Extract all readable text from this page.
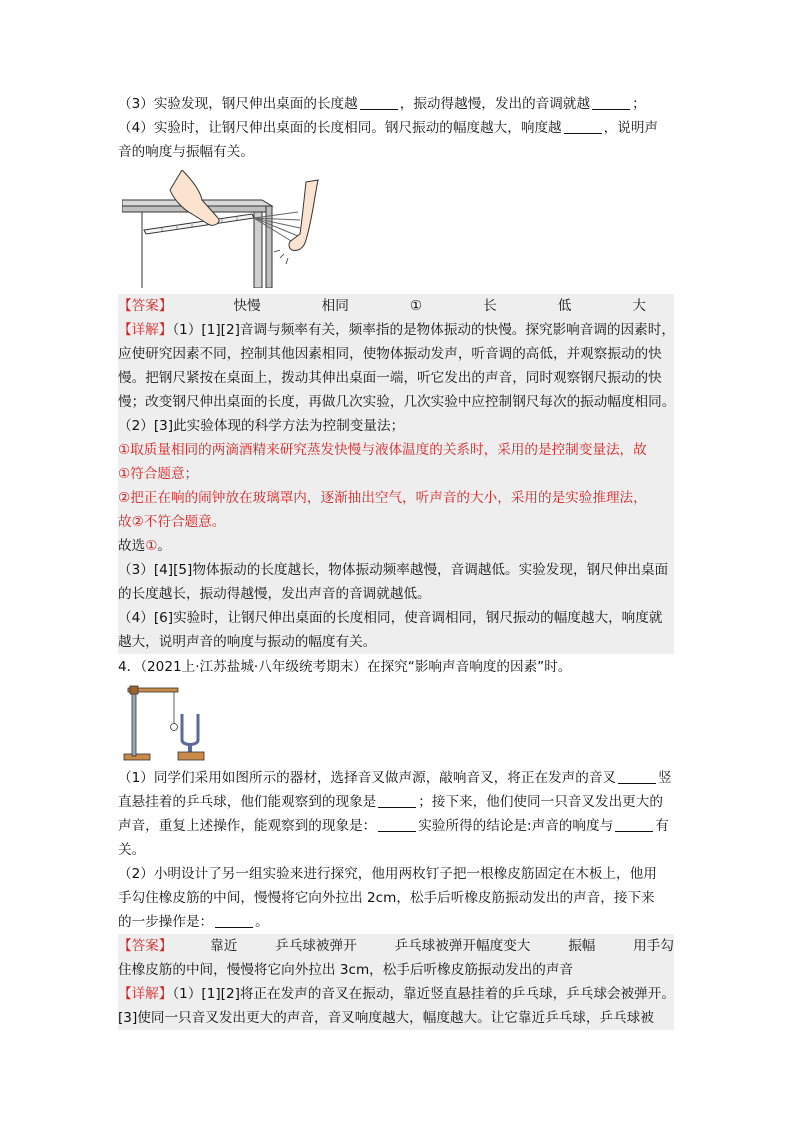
（3）实验发现，钢尺伸出桌面的长度越	，振动得越慢，发出的音调就越	；
（4）实验时，让钢尺伸出桌面的长度相同。钢尺振动的幅度越大，响度越	，说明声
音的响度与振幅有关。
【答案】	快慢	相同	①	长	低	大
【详解】（1）[1][2]音调与频率有关，频率指的是物体振动的快慢。探究影响音调的因素时，
应使研究因素不同，控制其他因素相同，使物体振动发声，听音调的高低，并观察振动的快
慢。把钢尺紧按在桌面上，拨动其伸出桌面一端，听它发出的声音，同时观察钢尺振动的快
慢；改变钢尺伸出桌面的长度，再做几次实验，几次实验中应控制钢尺每次的振动幅度相同。
（2）[3]此实验体现的科学方法为控制变量法；
①取质量相同的两滴酒精来研究蒸发快慢与液体温度的关系时，采用的是控制变量法，故
①符合题意；
②把正在响的闹钟放在玻璃罩内，逐渐抽出空气，听声音的大小，采用的是实验推理法，
故②不符合题意。
故选①。
（3）[4][5]物体振动的长度越长，物体振动频率越慢，音调越低。实验发现，钢尺伸出桌面
的长度越长，振动得越慢，发出声音的音调就越低。
（4）[6]实验时，让钢尺伸出桌面的长度相同，使音调相同，钢尺振动的幅度越大，响度就
越大，说明声音的响度与振动的幅度有关。
4．（2021上·江苏盐城·八年级统考期末）在探究“影响声音响度的因素”时。
（1）同学们采用如图所示的器材，选择音叉做声源，敲响音叉，将正在发声的音叉	竖
直悬挂着的乒乓球，他们能观察到的现象是	；接下来，他们使同一只音叉发出更大的
声音，重复上述操作，能观察到的现象是：	实验所得的结论是:声音的响度与	有
关。
（2）小明设计了另一组实验来进行探究，他用两枚钉子把一根橡皮筋固定在木板上，他用
手勾住橡皮筋的中间，慢慢将它向外拉出 2cm，松手后听橡皮筋振动发出的声音，接下来
的一步操作是：	。
【答案】	靠近	乒乓球被弹开	乒乓球被弹开幅度变大	振幅	用手勾
住橡皮筋的中间，慢慢将它向外拉出 3cm，松手后听橡皮筋振动发出的声音
【详解】（1）[1][2]将正在发声的音叉在振动，靠近竖直悬挂着的乒乓球，乒乓球会被弹开。
[3]使同一只音叉发出更大的声音，音叉响度越大，幅度越大。让它靠近乒乓球，乒乓球被
